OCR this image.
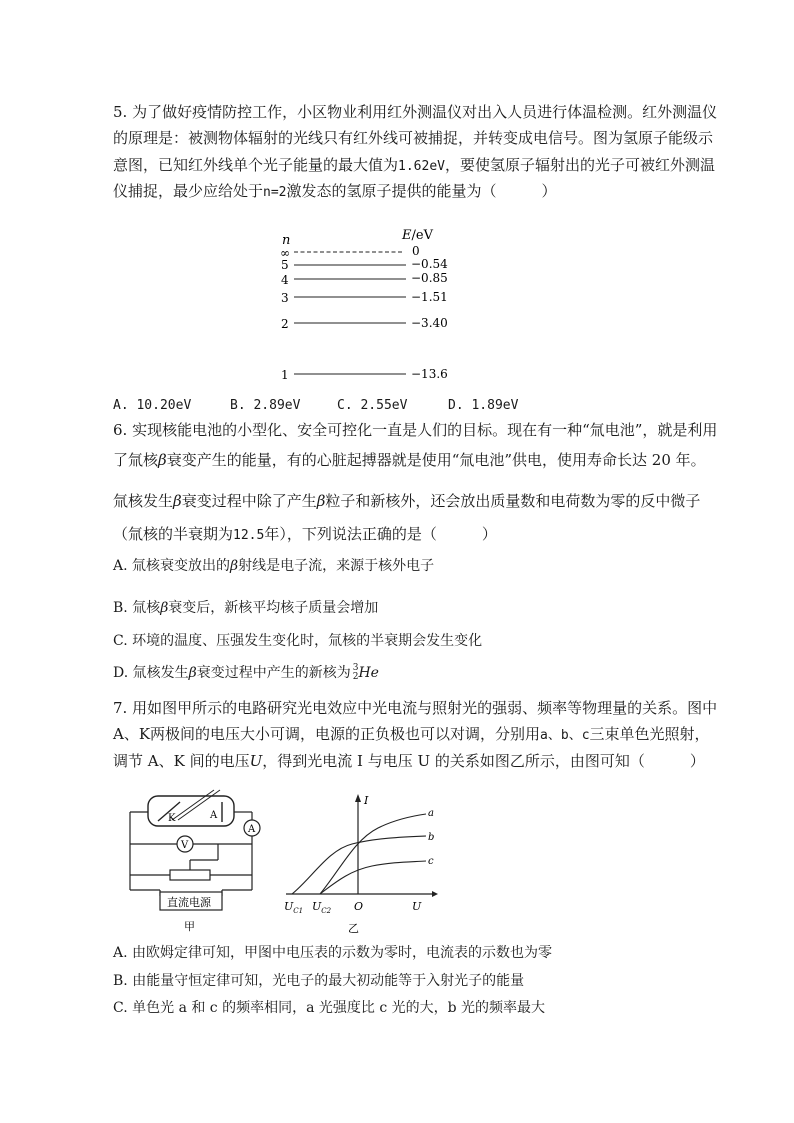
5. 为了做好疫情防控工作，小区物业利用红外测温仪对出入人员进行体温检测。红外测温仪
的原理是：被测物体辐射的光线只有红外线可被捕捉，并转变成电信号。图为氢原子能级示
意图，已知红外线单个光子能量的最大值为1.62eV，要使氢原子辐射出的光子可被红外测温
仪捕捉，最少应给处于n=2激发态的氢原子提供的能量为（　　　）
n	E/eV
∞	0
5	−0.54
4	−0.85
3	−1.51
2	−3.40
1	−13.6
A. 10.20eV	B. 2.89eV	C. 2.55eV	D. 1.89eV
6. 实现核能电池的小型化、安全可控化一直是人们的目标。现在有一种“氚电池”，就是利用
了氚核β衰变产生的能量，有的心脏起搏器就是使用“氚电池”供电，使用寿命长达 20 年。
氚核发生β衰变过程中除了产生β粒子和新核外，还会放出质量数和电荷数为零的反中微子
（氚核的半衰期为12.5年），下列说法正确的是（　　　）
A. 氚核衰变放出的β射线是电子流，来源于核外电子
B. 氚核β衰变后，新核平均核子质量会增加
C. 环境的温度、压强发生变化时，氚核的半衰期会发生变化
D. 氚核发生β衰变过程中产生的新核为 3
2 He
7. 用如图甲所示的电路研究光电效应中光电流与照射光的强弱、频率等物理量的关系。图中
A、K两极间的电压大小可调，电源的正负极也可以对调，分别用a、b、c三束单色光照射，
调节 A、K 间的电压U，得到光电流 I 与电压 U 的关系如图乙所示，由图可知（　　　）
K	A
A
V
直流电源
甲
I
U
O
$U_{C1}$ $U_{C2}$
a
b
c
乙
A. 由欧姆定律可知，甲图中电压表的示数为零时，电流表的示数也为零
B. 由能量守恒定律可知，光电子的最大初动能等于入射光子的能量
C. 单色光 a 和 c 的频率相同，a 光强度比 c 光的大，b 光的频率最大
